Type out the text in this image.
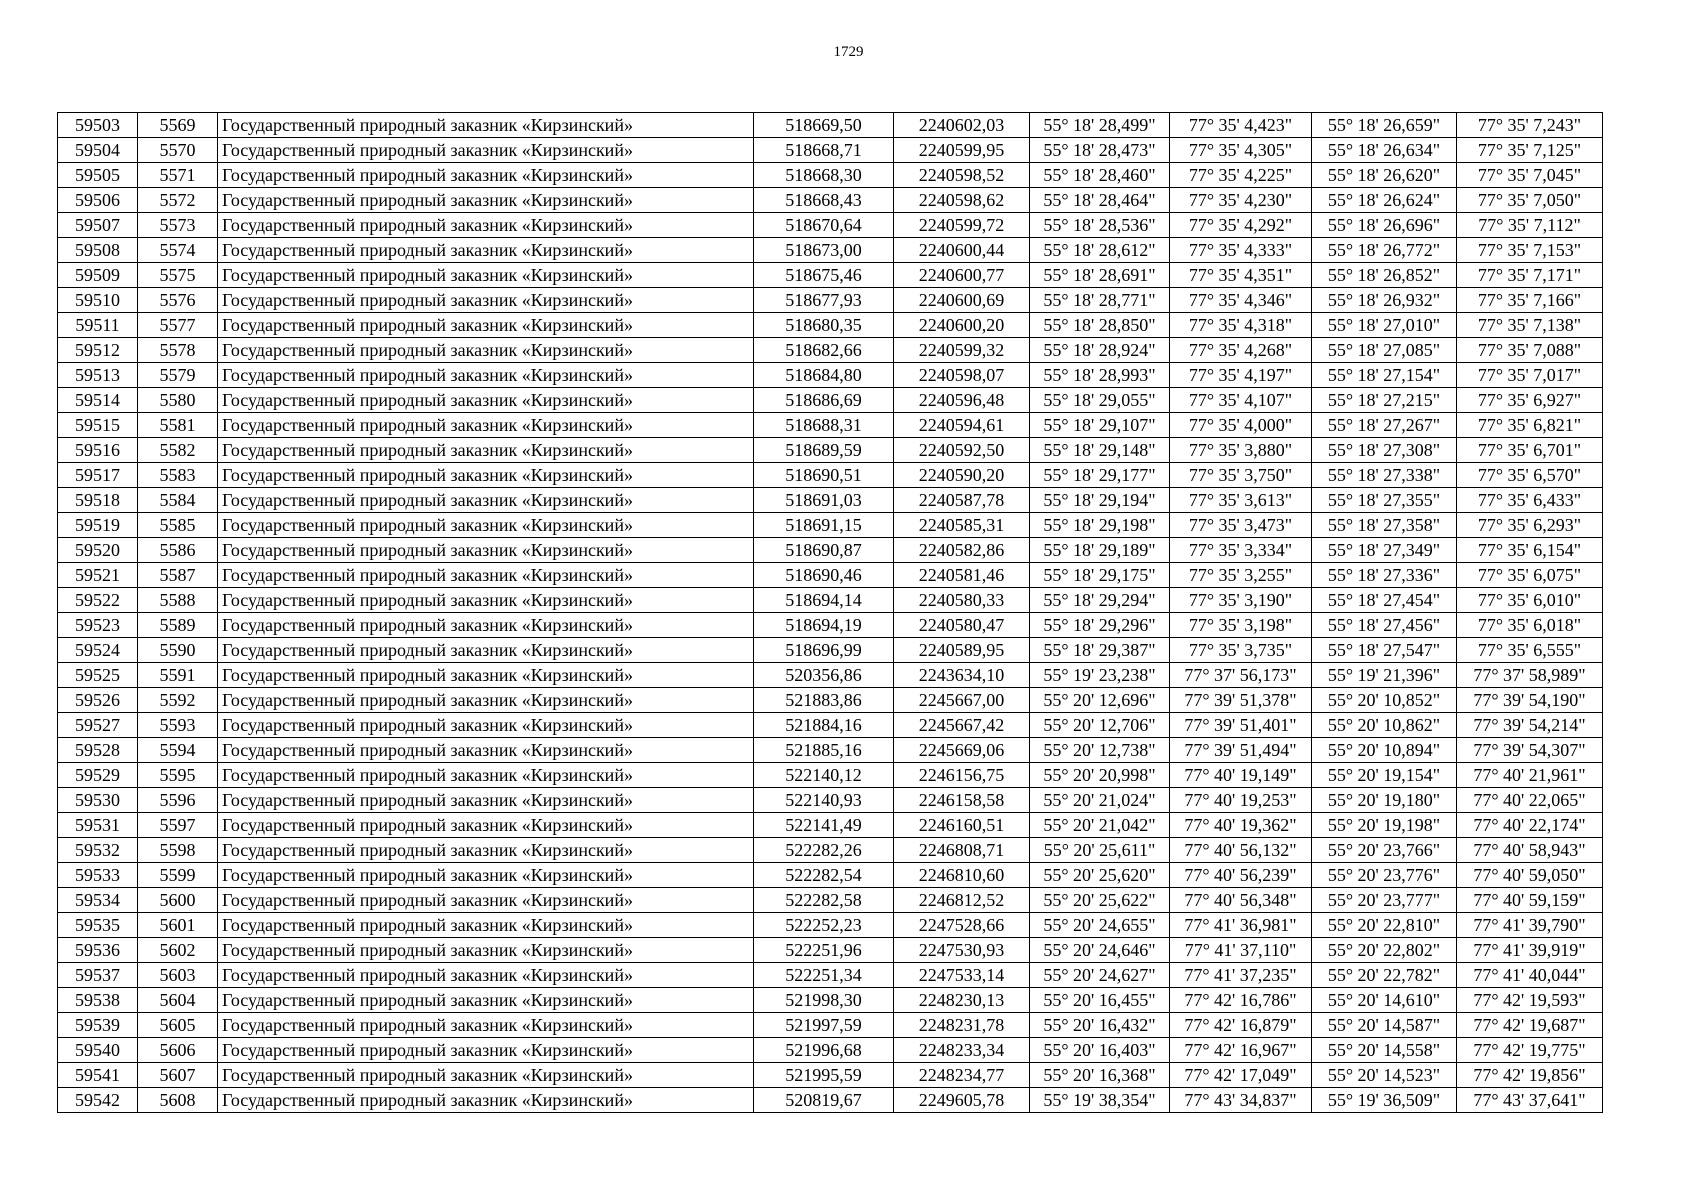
1729
59503	5569	Государственный природный заказник «Кирзинский»	518669,50	2240602,03	55° 18' 28,499"	77° 35' 4,423"	55° 18' 26,659"	77° 35' 7,243"
59504	5570	Государственный природный заказник «Кирзинский»	518668,71	2240599,95	55° 18' 28,473"	77° 35' 4,305"	55° 18' 26,634"	77° 35' 7,125"
59505	5571	Государственный природный заказник «Кирзинский»	518668,30	2240598,52	55° 18' 28,460"	77° 35' 4,225"	55° 18' 26,620"	77° 35' 7,045"
59506	5572	Государственный природный заказник «Кирзинский»	518668,43	2240598,62	55° 18' 28,464"	77° 35' 4,230"	55° 18' 26,624"	77° 35' 7,050"
59507	5573	Государственный природный заказник «Кирзинский»	518670,64	2240599,72	55° 18' 28,536"	77° 35' 4,292"	55° 18' 26,696"	77° 35' 7,112"
59508	5574	Государственный природный заказник «Кирзинский»	518673,00	2240600,44	55° 18' 28,612"	77° 35' 4,333"	55° 18' 26,772"	77° 35' 7,153"
59509	5575	Государственный природный заказник «Кирзинский»	518675,46	2240600,77	55° 18' 28,691"	77° 35' 4,351"	55° 18' 26,852"	77° 35' 7,171"
59510	5576	Государственный природный заказник «Кирзинский»	518677,93	2240600,69	55° 18' 28,771"	77° 35' 4,346"	55° 18' 26,932"	77° 35' 7,166"
59511	5577	Государственный природный заказник «Кирзинский»	518680,35	2240600,20	55° 18' 28,850"	77° 35' 4,318"	55° 18' 27,010"	77° 35' 7,138"
59512	5578	Государственный природный заказник «Кирзинский»	518682,66	2240599,32	55° 18' 28,924"	77° 35' 4,268"	55° 18' 27,085"	77° 35' 7,088"
59513	5579	Государственный природный заказник «Кирзинский»	518684,80	2240598,07	55° 18' 28,993"	77° 35' 4,197"	55° 18' 27,154"	77° 35' 7,017"
59514	5580	Государственный природный заказник «Кирзинский»	518686,69	2240596,48	55° 18' 29,055"	77° 35' 4,107"	55° 18' 27,215"	77° 35' 6,927"
59515	5581	Государственный природный заказник «Кирзинский»	518688,31	2240594,61	55° 18' 29,107"	77° 35' 4,000"	55° 18' 27,267"	77° 35' 6,821"
59516	5582	Государственный природный заказник «Кирзинский»	518689,59	2240592,50	55° 18' 29,148"	77° 35' 3,880"	55° 18' 27,308"	77° 35' 6,701"
59517	5583	Государственный природный заказник «Кирзинский»	518690,51	2240590,20	55° 18' 29,177"	77° 35' 3,750"	55° 18' 27,338"	77° 35' 6,570"
59518	5584	Государственный природный заказник «Кирзинский»	518691,03	2240587,78	55° 18' 29,194"	77° 35' 3,613"	55° 18' 27,355"	77° 35' 6,433"
59519	5585	Государственный природный заказник «Кирзинский»	518691,15	2240585,31	55° 18' 29,198"	77° 35' 3,473"	55° 18' 27,358"	77° 35' 6,293"
59520	5586	Государственный природный заказник «Кирзинский»	518690,87	2240582,86	55° 18' 29,189"	77° 35' 3,334"	55° 18' 27,349"	77° 35' 6,154"
59521	5587	Государственный природный заказник «Кирзинский»	518690,46	2240581,46	55° 18' 29,175"	77° 35' 3,255"	55° 18' 27,336"	77° 35' 6,075"
59522	5588	Государственный природный заказник «Кирзинский»	518694,14	2240580,33	55° 18' 29,294"	77° 35' 3,190"	55° 18' 27,454"	77° 35' 6,010"
59523	5589	Государственный природный заказник «Кирзинский»	518694,19	2240580,47	55° 18' 29,296"	77° 35' 3,198"	55° 18' 27,456"	77° 35' 6,018"
59524	5590	Государственный природный заказник «Кирзинский»	518696,99	2240589,95	55° 18' 29,387"	77° 35' 3,735"	55° 18' 27,547"	77° 35' 6,555"
59525	5591	Государственный природный заказник «Кирзинский»	520356,86	2243634,10	55° 19' 23,238"	77° 37' 56,173"	55° 19' 21,396"	77° 37' 58,989"
59526	5592	Государственный природный заказник «Кирзинский»	521883,86	2245667,00	55° 20' 12,696"	77° 39' 51,378"	55° 20' 10,852"	77° 39' 54,190"
59527	5593	Государственный природный заказник «Кирзинский»	521884,16	2245667,42	55° 20' 12,706"	77° 39' 51,401"	55° 20' 10,862"	77° 39' 54,214"
59528	5594	Государственный природный заказник «Кирзинский»	521885,16	2245669,06	55° 20' 12,738"	77° 39' 51,494"	55° 20' 10,894"	77° 39' 54,307"
59529	5595	Государственный природный заказник «Кирзинский»	522140,12	2246156,75	55° 20' 20,998"	77° 40' 19,149"	55° 20' 19,154"	77° 40' 21,961"
59530	5596	Государственный природный заказник «Кирзинский»	522140,93	2246158,58	55° 20' 21,024"	77° 40' 19,253"	55° 20' 19,180"	77° 40' 22,065"
59531	5597	Государственный природный заказник «Кирзинский»	522141,49	2246160,51	55° 20' 21,042"	77° 40' 19,362"	55° 20' 19,198"	77° 40' 22,174"
59532	5598	Государственный природный заказник «Кирзинский»	522282,26	2246808,71	55° 20' 25,611"	77° 40' 56,132"	55° 20' 23,766"	77° 40' 58,943"
59533	5599	Государственный природный заказник «Кирзинский»	522282,54	2246810,60	55° 20' 25,620"	77° 40' 56,239"	55° 20' 23,776"	77° 40' 59,050"
59534	5600	Государственный природный заказник «Кирзинский»	522282,58	2246812,52	55° 20' 25,622"	77° 40' 56,348"	55° 20' 23,777"	77° 40' 59,159"
59535	5601	Государственный природный заказник «Кирзинский»	522252,23	2247528,66	55° 20' 24,655"	77° 41' 36,981"	55° 20' 22,810"	77° 41' 39,790"
59536	5602	Государственный природный заказник «Кирзинский»	522251,96	2247530,93	55° 20' 24,646"	77° 41' 37,110"	55° 20' 22,802"	77° 41' 39,919"
59537	5603	Государственный природный заказник «Кирзинский»	522251,34	2247533,14	55° 20' 24,627"	77° 41' 37,235"	55° 20' 22,782"	77° 41' 40,044"
59538	5604	Государственный природный заказник «Кирзинский»	521998,30	2248230,13	55° 20' 16,455"	77° 42' 16,786"	55° 20' 14,610"	77° 42' 19,593"
59539	5605	Государственный природный заказник «Кирзинский»	521997,59	2248231,78	55° 20' 16,432"	77° 42' 16,879"	55° 20' 14,587"	77° 42' 19,687"
59540	5606	Государственный природный заказник «Кирзинский»	521996,68	2248233,34	55° 20' 16,403"	77° 42' 16,967"	55° 20' 14,558"	77° 42' 19,775"
59541	5607	Государственный природный заказник «Кирзинский»	521995,59	2248234,77	55° 20' 16,368"	77° 42' 17,049"	55° 20' 14,523"	77° 42' 19,856"
59542	5608	Государственный природный заказник «Кирзинский»	520819,67	2249605,78	55° 19' 38,354"	77° 43' 34,837"	55° 19' 36,509"	77° 43' 37,641"
